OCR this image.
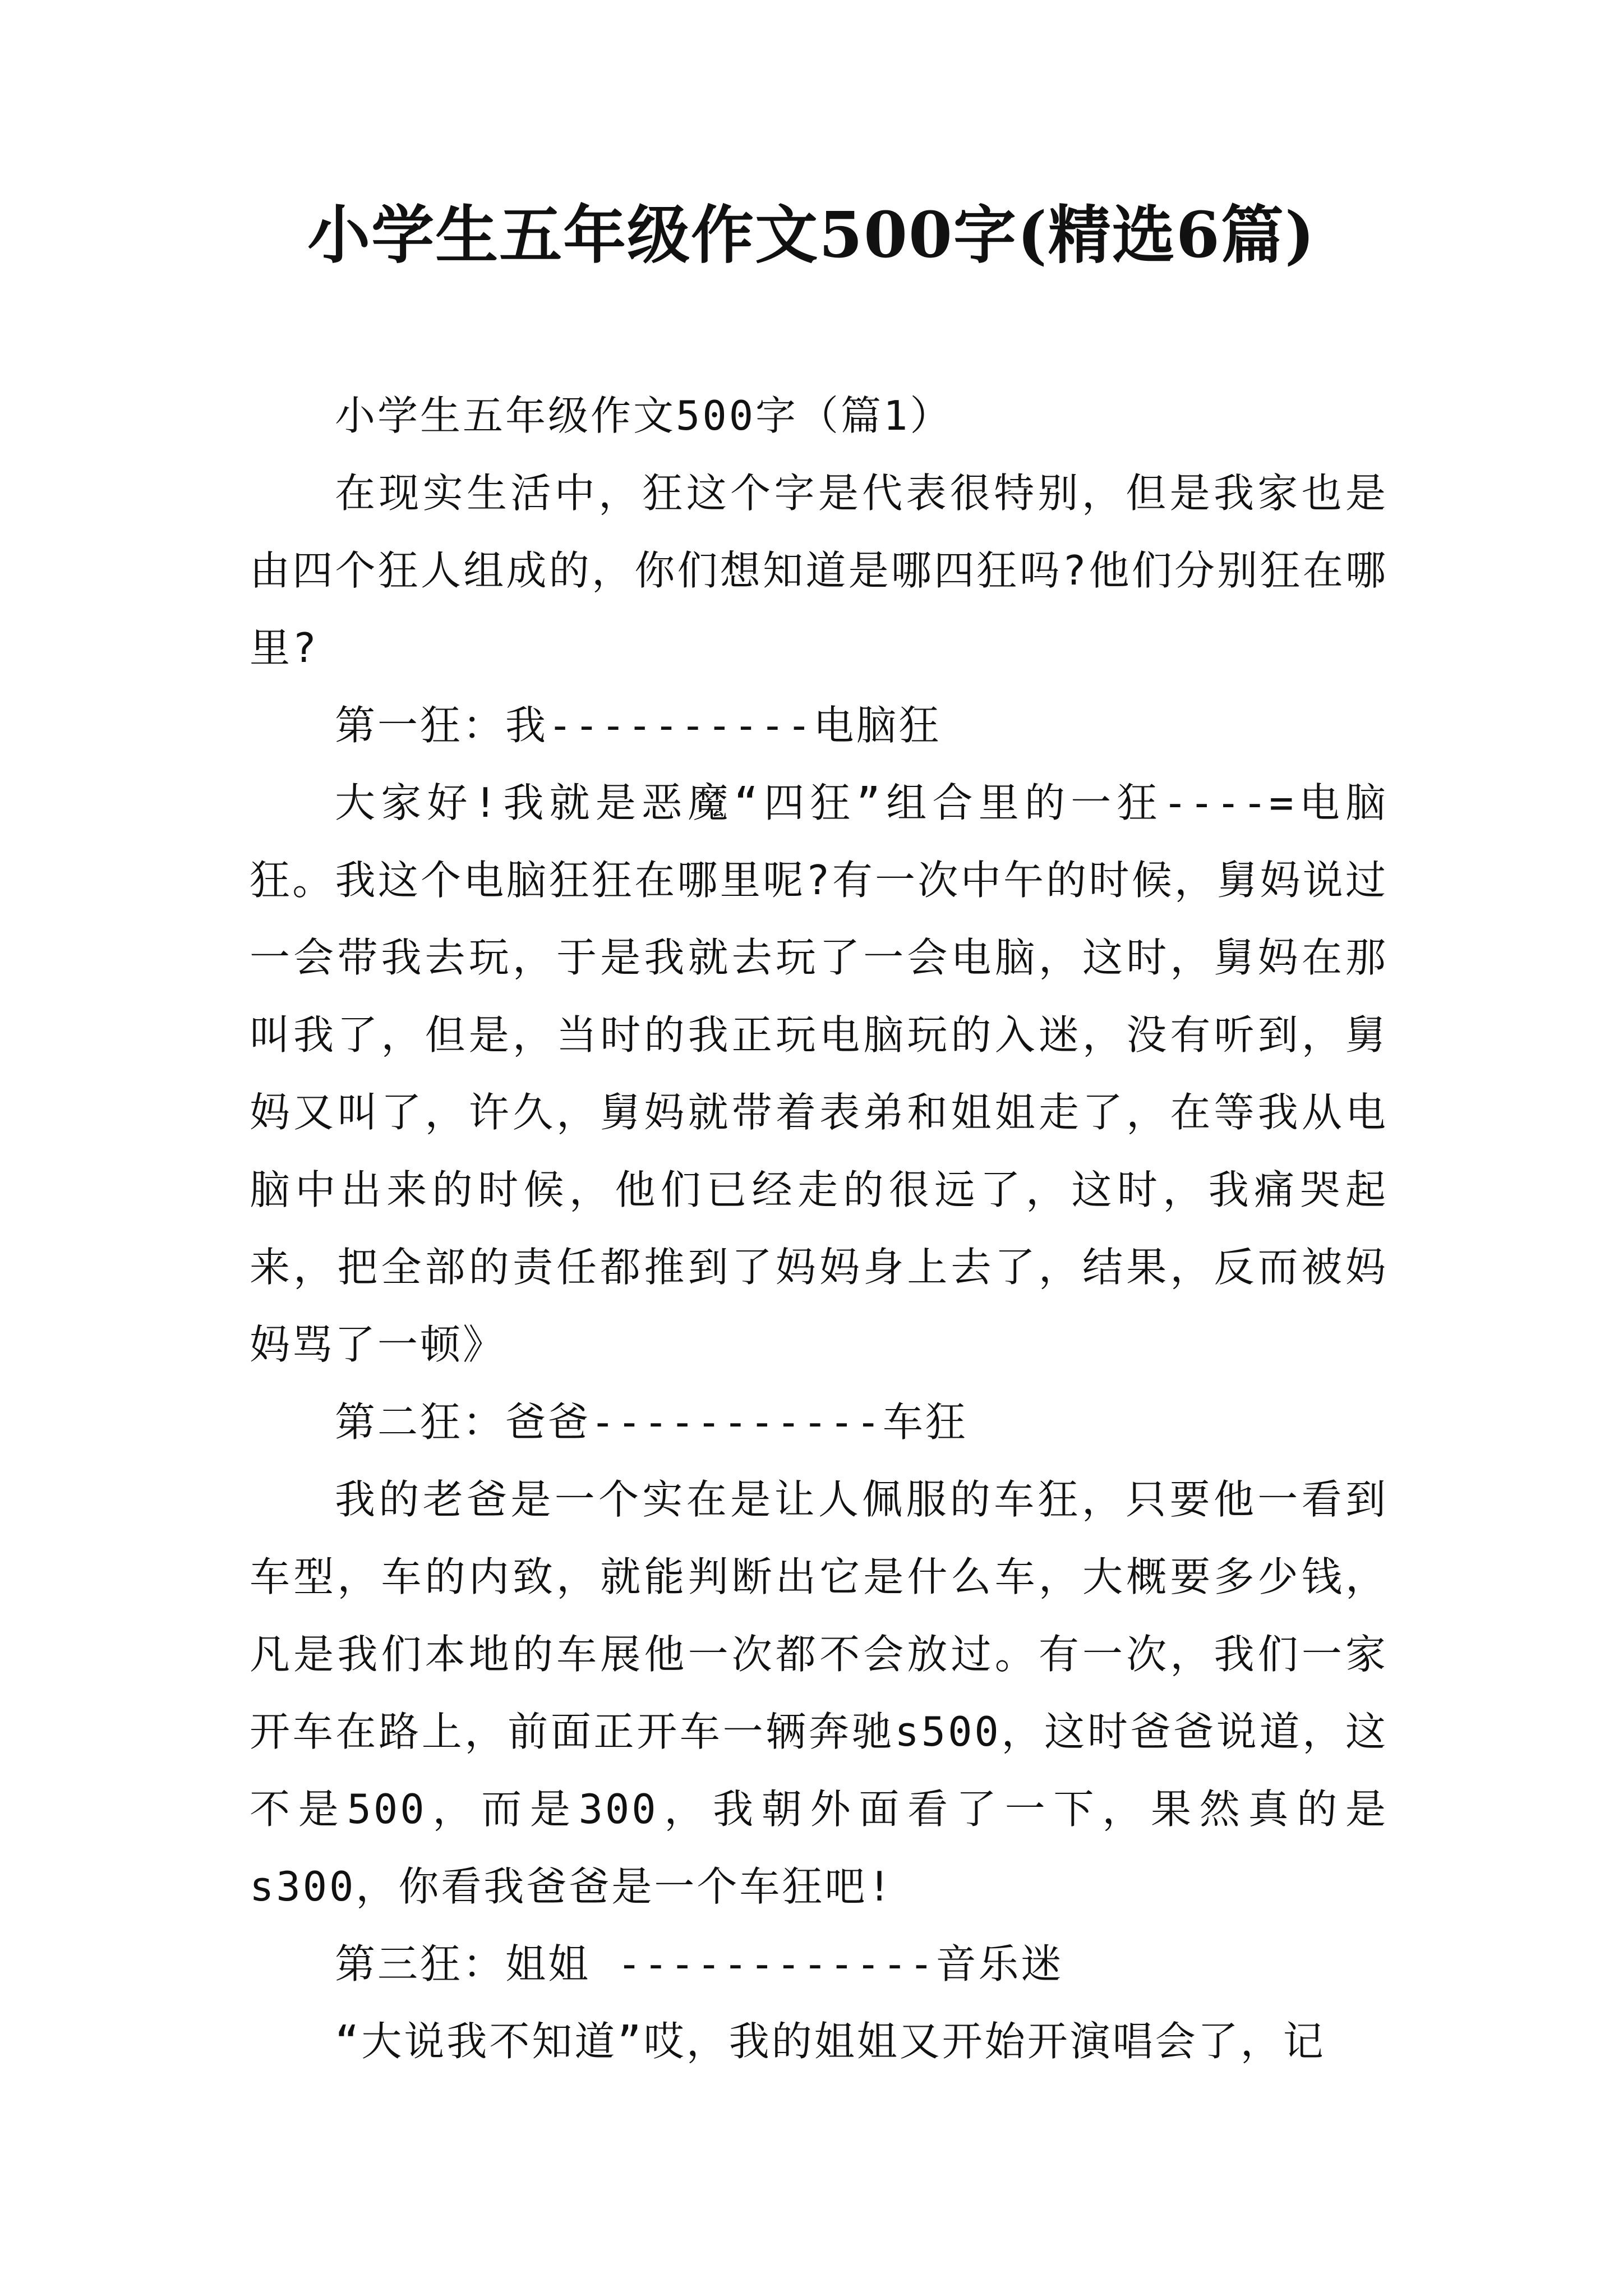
小学生五年级作文500字(精选6篇)

小学生五年级作文500字（篇1）

在现实生活中，狂这个字是代表很特别，但是我家也是由四个狂人组成的，你们想知道是哪四狂吗?他们分别狂在哪里?

第一狂：我----------电脑狂

大家好!我就是恶魔“四狂”组合里的一狂----=电脑狂。我这个电脑狂狂在哪里呢?有一次中午的时候，舅妈说过一会带我去玩，于是我就去玩了一会电脑，这时，舅妈在那叫我了，但是，当时的我正玩电脑玩的入迷，没有听到，舅妈又叫了，许久，舅妈就带着表弟和姐姐走了，在等我从电脑中出来的时候，他们已经走的很远了，这时，我痛哭起来，把全部的责任都推到了妈妈身上去了，结果，反而被妈妈骂了一顿》

第二狂：爸爸-----------车狂

我的老爸是一个实在是让人佩服的车狂，只要他一看到车型，车的内致，就能判断出它是什么车，大概要多少钱，凡是我们本地的车展他一次都不会放过。有一次，我们一家开车在路上，前面正开车一辆奔驰s500，这时爸爸说道，这不是500，而是300，我朝外面看了一下，果然真的是s300，你看我爸爸是一个车狂吧!

第三狂：姐姐 ------------音乐迷

“大说我不知道”哎，我的姐姐又开始开演唱会了，记
